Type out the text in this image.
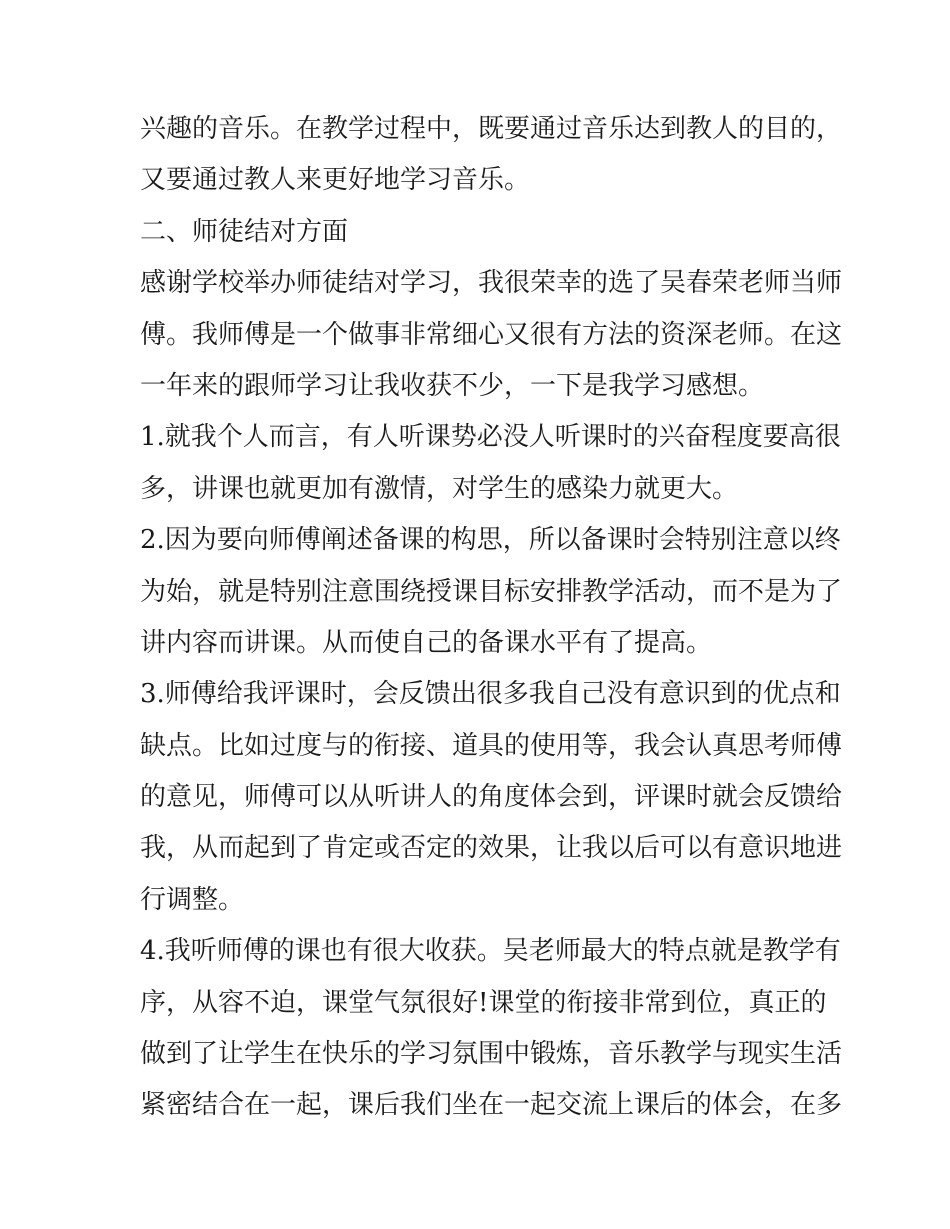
兴趣的音乐。在教学过程中，既要通过音乐达到教人的目的，
又要通过教人来更好地学习音乐。
二、师徒结对方面
感谢学校举办师徒结对学习，我很荣幸的选了吴春荣老师当师
傅。我师傅是一个做事非常细心又很有方法的资深老师。在这
一年来的跟师学习让我收获不少，一下是我学习感想。
1.就我个人而言，有人听课势必没人听课时的兴奋程度要高很
多，讲课也就更加有激情，对学生的感染力就更大。
2.因为要向师傅阐述备课的构思，所以备课时会特别注意以终
为始，就是特别注意围绕授课目标安排教学活动，而不是为了
讲内容而讲课。从而使自己的备课水平有了提高。
3.师傅给我评课时，会反馈出很多我自己没有意识到的优点和
缺点。比如过度与的衔接、道具的使用等，我会认真思考师傅
的意见，师傅可以从听讲人的角度体会到，评课时就会反馈给
我，从而起到了肯定或否定的效果，让我以后可以有意识地进
行调整。
4.我听师傅的课也有很大收获。吴老师最大的特点就是教学有
序，从容不迫，课堂气氛很好!课堂的衔接非常到位，真正的
做到了让学生在快乐的学习氛围中锻炼，音乐教学与现实生活
紧密结合在一起，课后我们坐在一起交流上课后的体会，在多
